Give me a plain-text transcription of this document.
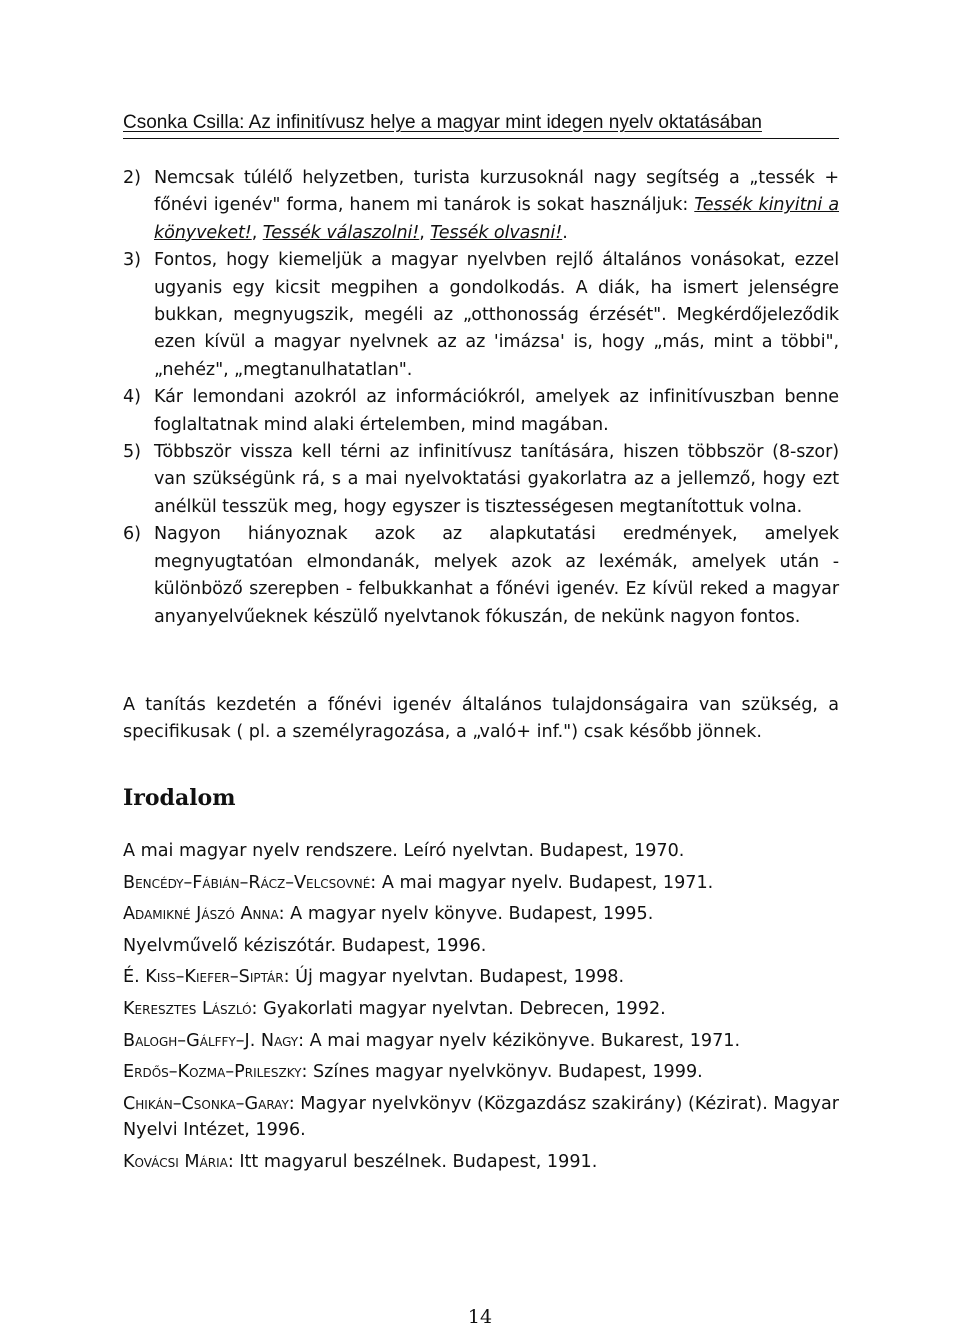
Csonka Csilla: Az infinitívusz helye a magyar mint idegen nyelv oktatásában
2) Nemcsak túlélő helyzetben, turista kurzusoknál nagy segítség a „tessék + főnévi igenév" forma, hanem mi tanárok is sokat használjuk: Tessék kinyitni a könyveket!, Tessék válaszolni!, Tessék olvasni!.
3) Fontos, hogy kiemeljük a magyar nyelvben rejlő általános vonásokat, ezzel ugyanis egy kicsit megpihen a gondolkodás. A diák, ha ismert jelenségre bukkan, megnyugszik, megéli az „otthonosság érzését". Megkérdőjeleződik ezen kívül a magyar nyelvnek az az 'imázsa' is, hogy „más, mint a többi", „nehéz", „megtanulhatatlan".
4) Kár lemondani azokról az információkról, amelyek az infinitívuszban benne foglaltatnak mind alaki értelemben, mind magában.
5) Többször vissza kell térni az infinitívusz tanítására, hiszen többször (8-szor) van szükségünk rá, s a mai nyelvoktatási gyakorlatra az a jellemző, hogy ezt anélkül tesszük meg, hogy egyszer is tisztességesen megtanítottuk volna.
6) Nagyon hiányoznak azok az alapkutatási eredmények, amelyek megnyugtatóan elmondanák, melyek azok az lexémák, amelyek után - különböző szerepben - felbukkanhat a főnévi igenév. Ez kívül reked a magyar anyanyelvűeknek készülő nyelvtanok fókuszán, de nekünk nagyon fontos.
A tanítás kezdetén a főnévi igenév általános tulajdonságaira van szükség, a specifikusak ( pl. a személyragozása, a „való+ inf.") csak később jönnek.
Irodalom
A mai magyar nyelv rendszere. Leíró nyelvtan. Budapest, 1970.
Bencédy–Fábián–Rácz–Velcsovné: A mai magyar nyelv. Budapest, 1971.
Adamikné Jászó Anna: A magyar nyelv könyve. Budapest, 1995.
Nyelvművelő kéziszótár. Budapest, 1996.
É. Kiss–Kiefer–Siptár: Új magyar nyelvtan. Budapest, 1998.
Keresztes László: Gyakorlati magyar nyelvtan. Debrecen, 1992.
Balogh–Gálffy–J. Nagy: A mai magyar nyelv kézikönyve. Bukarest, 1971.
Erdős–Kozma–Prileszky: Színes magyar nyelvkönyv. Budapest, 1999.
Chikán–Csonka–Garay: Magyar nyelvkönyv (Közgazdász szakirány) (Kézirat). Magyar Nyelvi Intézet, 1996.
Kovácsi Mária: Itt magyarul beszélnek. Budapest, 1991.
14
